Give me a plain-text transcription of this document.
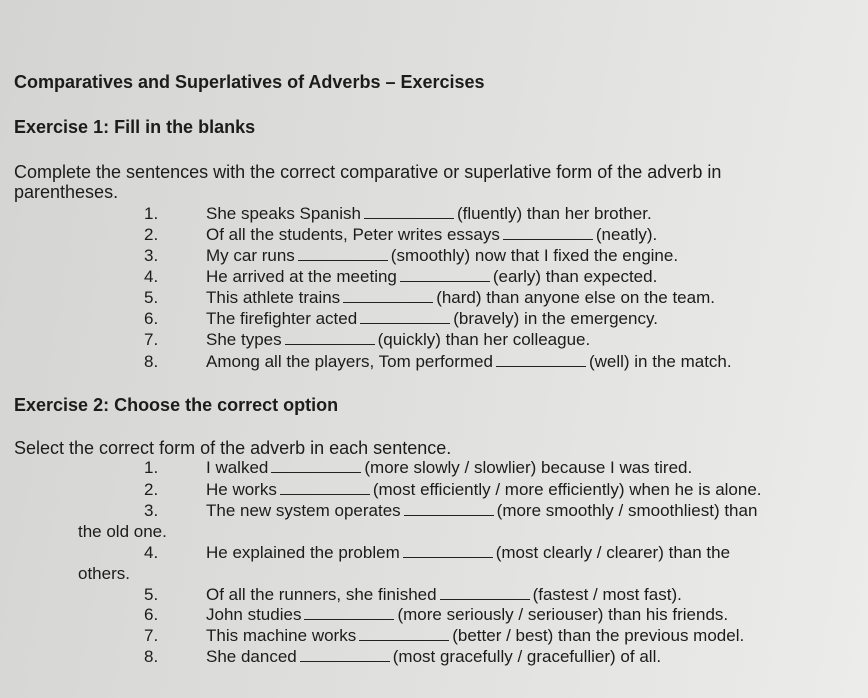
Comparatives and Superlatives of Adverbs – Exercises
Exercise 1: Fill in the blanks
Complete the sentences with the correct comparative or superlative form of the adverb in
parentheses.
1.	She speaks Spanish	(fluently) than her brother.
2.	Of all the students, Peter writes essays	(neatly).
3.	My car runs	(smoothly) now that I fixed the engine.
4.	He arrived at the meeting	(early) than expected.
5.	This athlete trains	(hard) than anyone else on the team.
6.	The firefighter acted	(bravely) in the emergency.
7.	She types	(quickly) than her colleague.
8.	Among all the players, Tom performed	(well) in the match.
Exercise 2: Choose the correct option
Select the correct form of the adverb in each sentence.
1.	I walked	(more slowly / slowlier) because I was tired.
2.	He works	(most efficiently / more efficiently) when he is alone.
3.	The new system operates	(more smoothly / smoothliest) than
the old one.
4.	He explained the problem	(most clearly / clearer) than the
others.
5.	Of all the runners, she finished	(fastest / most fast).
6.	John studies	(more seriously / seriouser) than his friends.
7.	This machine works	(better / best) than the previous model.
8.	She danced	(most gracefully / gracefullier) of all.
